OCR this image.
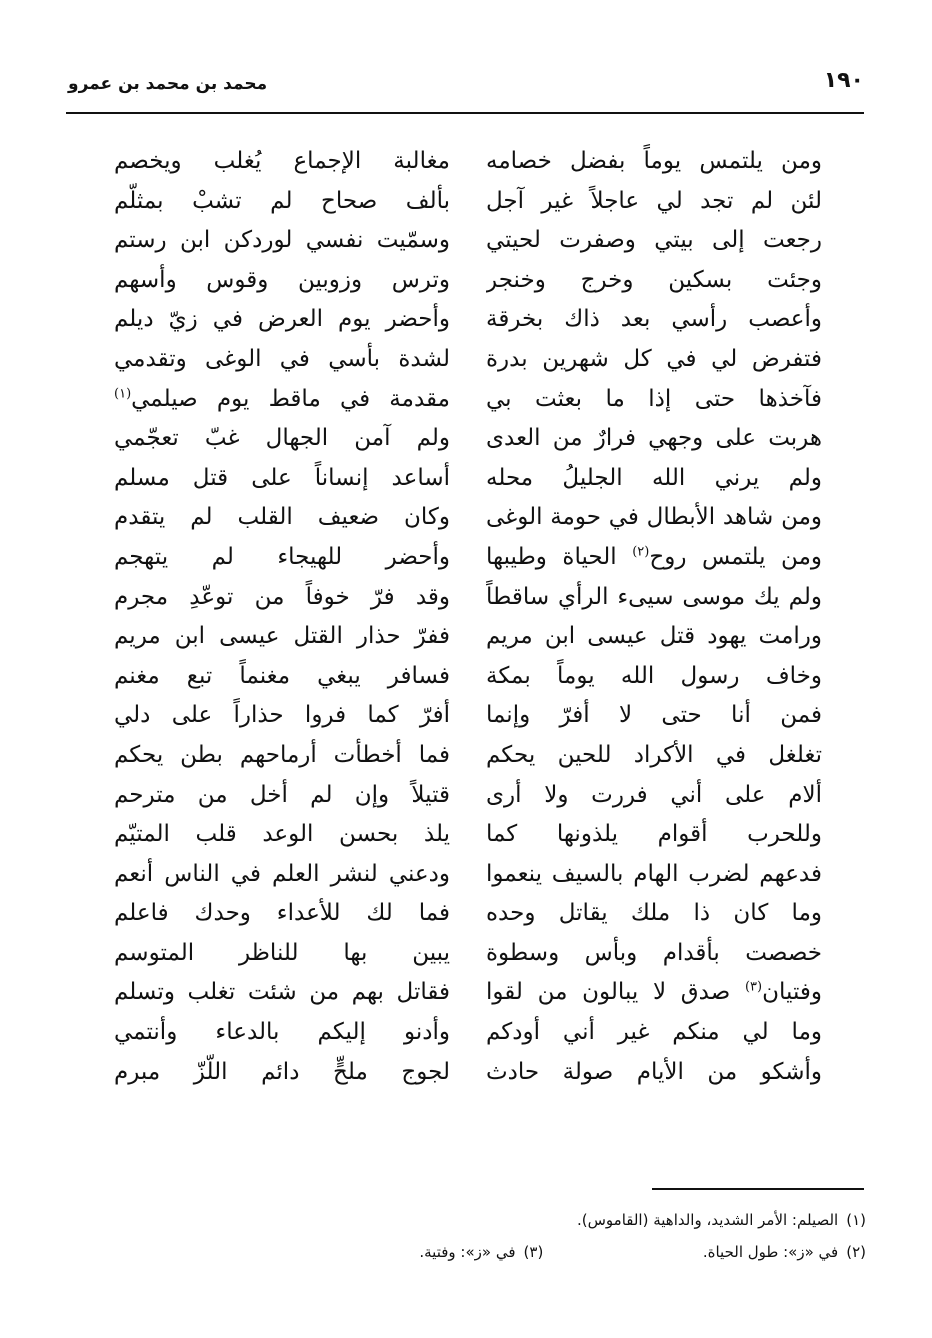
١٩٠
محمد بن محمد بن عمرو
ومن يلتمس يوماً بفضل خصامه
لئن لم تجد لي عاجلاً غير آجل
رجعت إلى بيتي وصفرت لحيتي
وجئت بسكين وخرج وخنجر
وأعصب رأسي بعد ذاك بخرقة
فتفرض لي في كل شهرين بدرة
فآخذها حتى إذا ما بعثت بي
هربت على وجهي فرارٌ من العدى
ولم يرني الله الجليلُ محله
ومن شاهد الأبطال في حومة الوغى
ومن يلتمس روح$^{(٢)}$ الحياة وطيبها
ولم يك موسى سيىء الرأي ساقطاً
ورامت يهود قتل عيسى ابن مريم
وخاف رسول الله يوماً بمكة
فمن أنا حتى لا أفرّ وإنما
تغلغل في الأكراد للحين يحكم
ألام على أني فررت ولا أرى
وللحرب أقوام يلذونها كما
فدعهم لضرب الهام بالسيف ينعموا
وما كان ذا ملك يقاتل وحده
خصصت بأقدام وبأس وسطوة
وفتيان$^{(٣)}$ صدق لا يبالون من لقوا
وما لي منكم غير أني أودكم
وأشكو من الأيام صولة حادث
مغالبة الإجماع يُغلب ويخصم
بألف صحاح لم تشبْ بمثلّم
وسمّيت نفسي لوردكن ابن رستم
وترس وزوبين وقوس وأسهم
وأحضر يوم العرض في زيّ ديلم
لشدة بأسي في الوغى وتقدمي
مقدمة في ماقط يوم صيلمي$^{(١)}$
ولم آمن الجهال غبّ تعجّمي
أساعد إنساناً على قتل مسلم
وكان ضعيف القلب لم يتقدم
وأحضر للهيجاء لم يتهجم
وقد فرّ خوفاً من توعّدِ مجرم
ففرّ حذار القتل عيسى ابن مريم
فسافر يبغي مغنماً تبع مغنم
أفرّ كما فروا حذاراً على دلي
فما أخطأت أرماحهم بطن يحكم
قتيلاً وإن لم أخل من مترحم
يلذ بحسن الوعد قلب المتيّم
ودعني لنشر العلم في الناس أنعم
فما لك للأعداء وحدك فاعلم
يبين بها للناظر المتوسم
فقاتل بهم من شئت تغلب وتسلم
وأدنو إليكم بالدعاء وأنتمي
لجوج ملحٍّ دائم اللّزّ مبرم
(١)الصيلم: الأمر الشديد، والداهية (القاموس).
(٢)في «ز»: طول الحياة.  (٣)في «ز»: وفتية.
